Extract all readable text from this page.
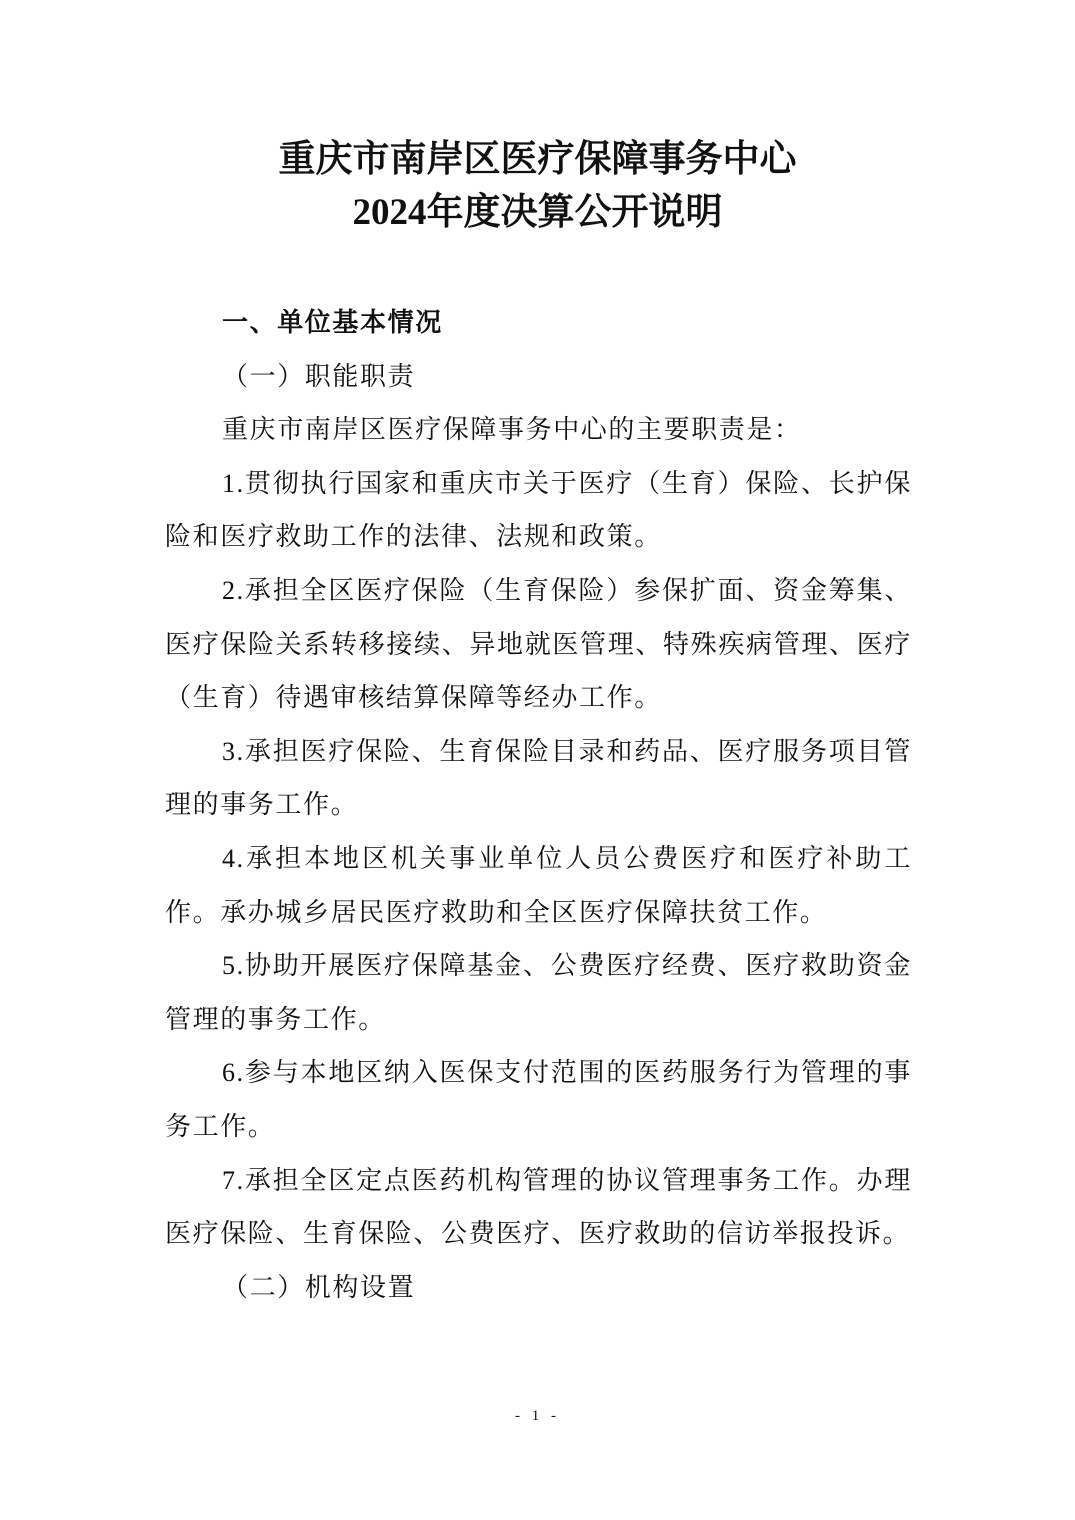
重庆市南岸区医疗保障事务中心
2024年度决算公开说明

一、单位基本情况

（一）职能职责

重庆市南岸区医疗保障事务中心的主要职责是：

1.贯彻执行国家和重庆市关于医疗（生育）保险、长护保险和医疗救助工作的法律、法规和政策。

2.承担全区医疗保险（生育保险）参保扩面、资金筹集、医疗保险关系转移接续、异地就医管理、特殊疾病管理、医疗（生育）待遇审核结算保障等经办工作。

3.承担医疗保险、生育保险目录和药品、医疗服务项目管理的事务工作。

4.承担本地区机关事业单位人员公费医疗和医疗补助工作。承办城乡居民医疗救助和全区医疗保障扶贫工作。

5.协助开展医疗保障基金、公费医疗经费、医疗救助资金管理的事务工作。

6.参与本地区纳入医保支付范围的医药服务行为管理的事务工作。

7.承担全区定点医药机构管理的协议管理事务工作。办理医疗保险、生育保险、公费医疗、医疗救助的信访举报投诉。

（二）机构设置

- 1 -
